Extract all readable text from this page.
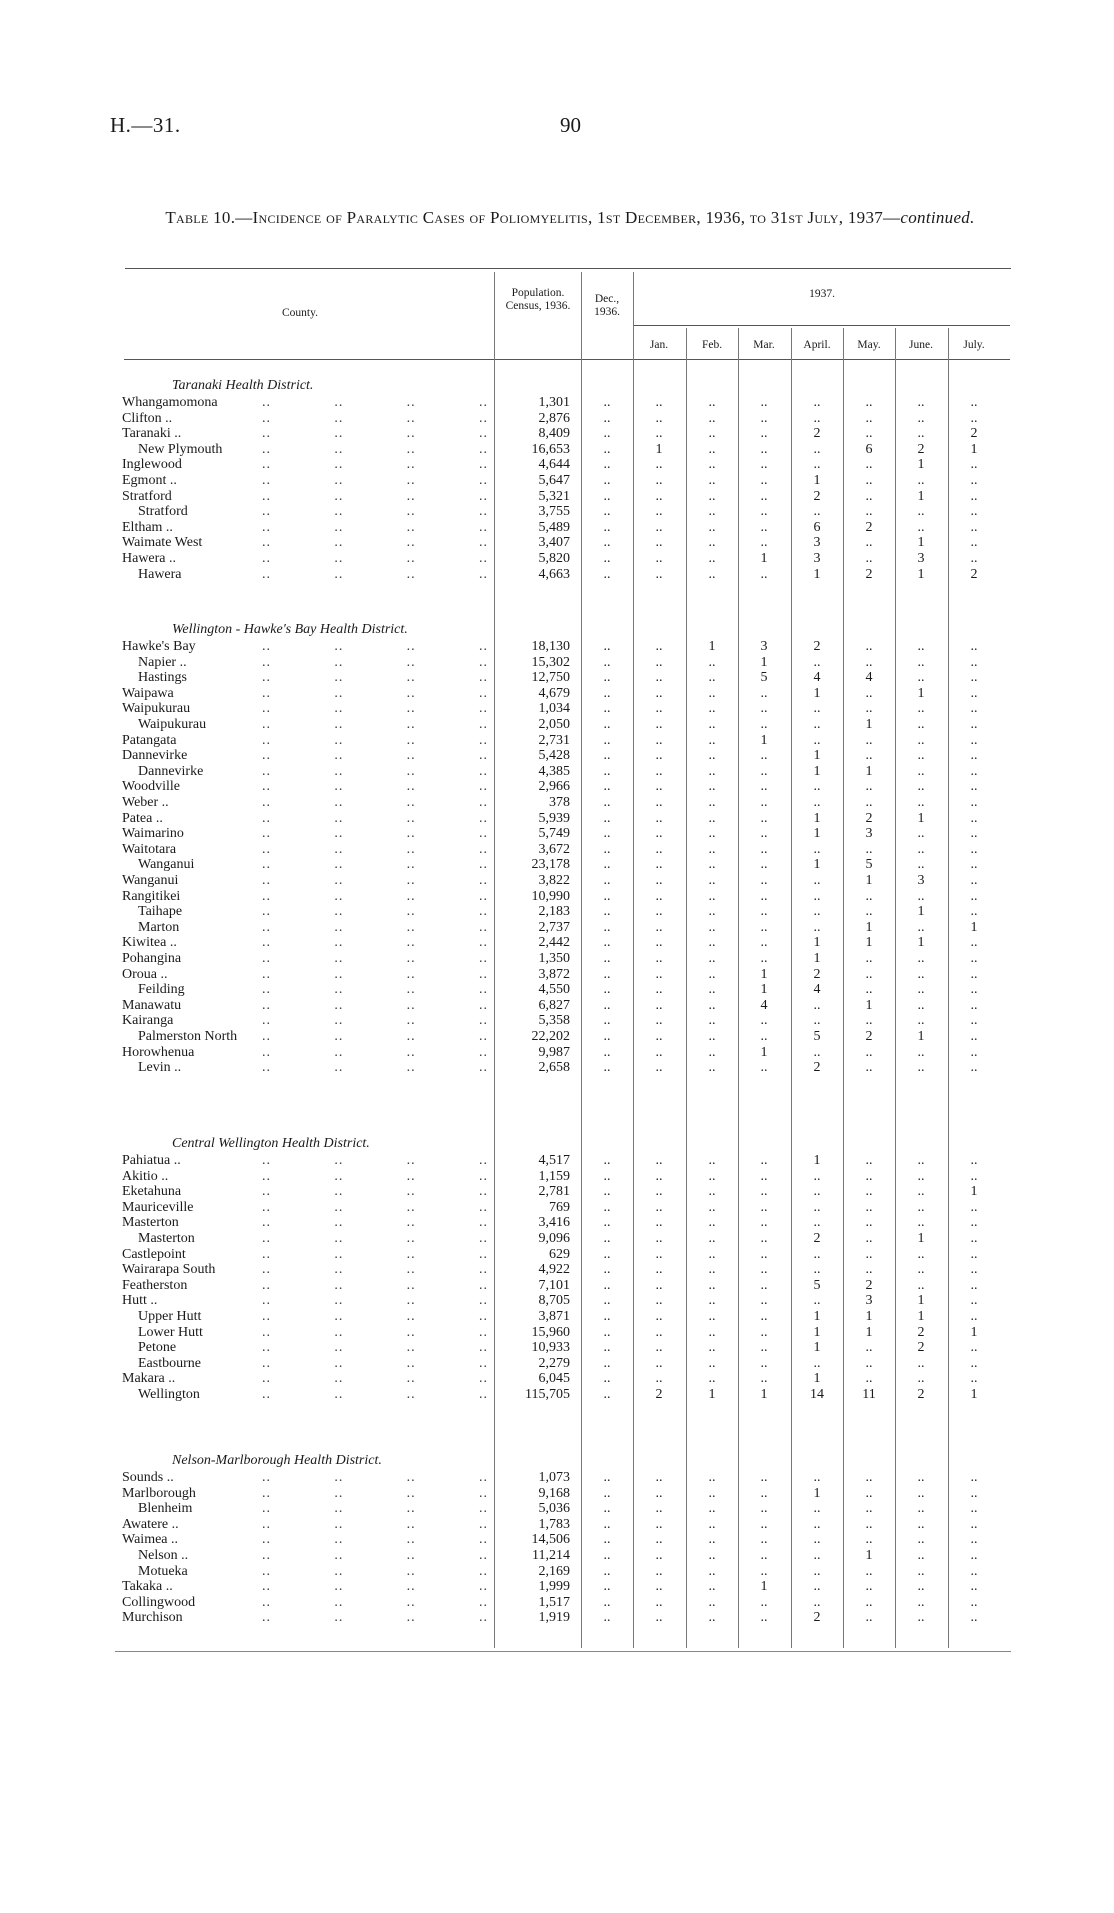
H.—31.	90
Table 10.—Incidence of Paralytic Cases of Poliomyelitis, 1st December, 1936, to 31st July, 1937—continued.
County.
Population. Census, 1936.
Dec., 1936.
1937.
Jan.	Feb.	Mar.	April.	May.	June.	July.
Taranaki Health District.
Whangamomona	..	..	..	..	1,301	..	..	..	..	..	..	..	..
Clifton ..	..	..	..	..	2,876	..	..	..	..	..	..	..	..
Taranaki ..	..	..	..	..	8,409	..	..	..	..	2	..	..	2
New Plymouth	..	..	..	..	16,653	..	1	..	..	..	6	2	1
Inglewood	..	..	..	..	4,644	..	..	..	..	..	..	1	..
Egmont ..	..	..	..	..	5,647	..	..	..	..	1	..	..	..
Stratford	..	..	..	..	5,321	..	..	..	..	2	..	1	..
Stratford	..	..	..	..	3,755	..	..	..	..	..	..	..	..
Eltham ..	..	..	..	..	5,489	..	..	..	..	6	2	..	..
Waimate West	..	..	..	..	3,407	..	..	..	..	3	..	1	..
Hawera ..	..	..	..	..	5,820	..	..	..	1	3	..	3	..
Hawera	..	..	..	..	4,663	..	..	..	..	1	2	1	2
Wellington - Hawke's Bay Health District.
Hawke's Bay	..	..	..	..	18,130	..	..	1	3	2	..	..	..
Napier ..	..	..	..	..	15,302	..	..	..	1	..	..	..	..
Hastings	..	..	..	..	12,750	..	..	..	5	4	4	..	..
Waipawa	..	..	..	..	4,679	..	..	..	..	1	..	1	..
Waipukurau	..	..	..	..	1,034	..	..	..	..	..	..	..	..
Waipukurau	..	..	..	..	2,050	..	..	..	..	..	1	..	..
Patangata	..	..	..	..	2,731	..	..	..	1	..	..	..	..
Dannevirke	..	..	..	..	5,428	..	..	..	..	1	..	..	..
Dannevirke	..	..	..	..	4,385	..	..	..	..	1	1	..	..
Woodville	..	..	..	..	2,966	..	..	..	..	..	..	..	..
Weber ..	..	..	..	..	378	..	..	..	..	..	..	..	..
Patea ..	..	..	..	..	5,939	..	..	..	..	1	2	1	..
Waimarino	..	..	..	..	5,749	..	..	..	..	1	3	..	..
Waitotara	..	..	..	..	3,672	..	..	..	..	..	..	..	..
Wanganui	..	..	..	..	23,178	..	..	..	..	1	5	..	..
Wanganui	..	..	..	..	3,822	..	..	..	..	..	1	3	..
Rangitikei	..	..	..	..	10,990	..	..	..	..	..	..	..	..
Taihape	..	..	..	..	2,183	..	..	..	..	..	..	1	..
Marton	..	..	..	..	2,737	..	..	..	..	..	1	..	1
Kiwitea ..	..	..	..	..	2,442	..	..	..	..	1	1	1	..
Pohangina	..	..	..	..	1,350	..	..	..	..	1	..	..	..
Oroua ..	..	..	..	..	3,872	..	..	..	1	2	..	..	..
Feilding	..	..	..	..	4,550	..	..	..	1	4	..	..	..
Manawatu	..	..	..	..	6,827	..	..	..	4	..	1	..	..
Kairanga	..	..	..	..	5,358	..	..	..	..	..	..	..	..
Palmerston North ..	..	..	..	22,202	..	..	..	..	5	2	1	..
Horowhenua	..	..	..	..	9,987	..	..	..	1	..	..	..	..
Levin ..	..	..	..	..	2,658	..	..	..	..	2	..	..	..
Central Wellington Health District.
Pahiatua ..	..	..	..	..	4,517	..	..	..	..	1	..	..	..
Akitio ..	..	..	..	..	1,159	..	..	..	..	..	..	..	..
Eketahuna	..	..	..	..	2,781	..	..	..	..	..	..	..	1
Mauriceville	..	..	..	..	769	..	..	..	..	..	..	..	..
Masterton	..	..	..	..	3,416	..	..	..	..	..	..	..	..
Masterton	..	..	..	..	9,096	..	..	..	..	2	..	1	..
Castlepoint	..	..	..	..	629	..	..	..	..	..	..	..	..
Wairarapa South	..	..	..	..	4,922	..	..	..	..	..	..	..	..
Featherston	..	..	..	..	7,101	..	..	..	..	5	2	..	..
Hutt ..	..	..	..	..	8,705	..	..	..	..	..	3	1	..
Upper Hutt	..	..	..	..	3,871	..	..	..	..	1	1	1	..
Lower Hutt	..	..	..	..	15,960	..	..	..	..	1	1	2	1
Petone	..	..	..	..	10,933	..	..	..	..	1	..	2	..
Eastbourne	..	..	..	..	2,279	..	..	..	..	..	..	..	..
Makara ..	..	..	..	..	6,045	..	..	..	..	1	..	..	..
Wellington	..	..	..	..	115,705	..	2	1	1	14	11	2	1
Nelson-Marlborough Health District.
Sounds ..	..	..	..	..	1,073	..	..	..	..	..	..	..	..
Marlborough	..	..	..	..	9,168	..	..	..	..	1	..	..	..
Blenheim	..	..	..	..	5,036	..	..	..	..	..	..	..	..
Awatere ..	..	..	..	..	1,783	..	..	..	..	..	..	..	..
Waimea ..	..	..	..	..	14,506	..	..	..	..	..	..	..	..
Nelson ..	..	..	..	..	11,214	..	..	..	..	..	1	..	..
Motueka	..	..	..	..	2,169	..	..	..	..	..	..	..	..
Takaka ..	..	..	..	..	1,999	..	..	..	1	..	..	..	..
Collingwood	..	..	..	..	1,517	..	..	..	..	..	..	..	..
Murchison	..	..	..	..	1,919	..	..	..	..	2	..	..	..
